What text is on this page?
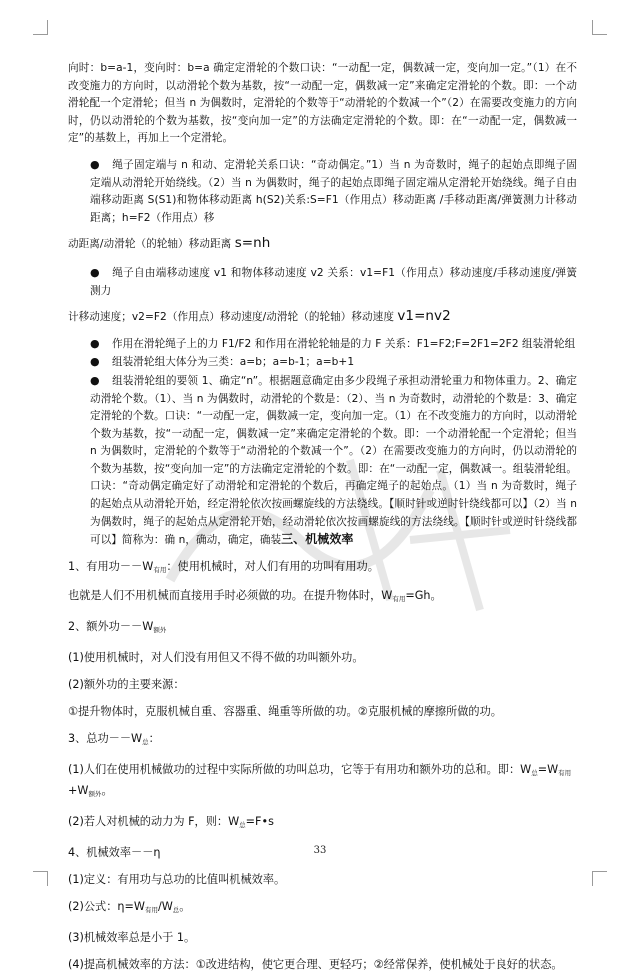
向时：b=a-1，变向时：b=a 确定定滑轮的个数口诀：“一动配一定，偶数减一定，变向加一定。”（1）在不改变施力的方向时，以动滑轮个数为基数，按“一动配一定，偶数减一定”来确定定滑轮的个数。即：一个动滑轮配一个定滑轮；但当 n 为偶数时，定滑轮的个数等于“动滑轮的个数减一个”（2）在需要改变施力的方向时，仍以动滑轮的个数为基数，按“变向加一定”的方法确定定滑轮的个数。即：在“一动配一定，偶数减一定”的基数上，再加上一个定滑轮。

● 绳子固定端与 n 和动、定滑轮关系口诀：“奇动偶定。”1）当 n 为奇数时，绳子的起始点即绳子固定端从动滑轮开始绕线。（2）当 n 为偶数时，绳子的起始点即绳子固定端从定滑轮开始绕线。绳子自由端移动距离 S(S1)和物体移动距离 h(S2)关系:S=F1（作用点）移动距离 /手移动距离/弹簧测力计移动距离；h=F2（作用点）移

动距离/动滑轮（的轮轴）移动距离 s=nh

● 绳子自由端移动速度 v1 和物体移动速度 v2 关系：v1=F1（作用点）移动速度/手移动速度/弹簧测力

计移动速度；v2=F2（作用点）移动速度/动滑轮（的轮轴）移动速度 v1=nv2

● 作用在滑轮绳子上的力 F1/F2 和作用在滑轮轮轴是的力 F 关系：F1=F2;F=2F1=2F2 组装滑轮组

● 组装滑轮组大体分为三类：a=b；a=b-1；a=b+1

● 组装滑轮组的要领 1、确定“n”。根据题意确定由多少段绳子承担动滑轮重力和物体重力。2、确定动滑轮个数。（1）、当 n 为偶数时，动滑轮的个数是：（2）、当 n 为奇数时，动滑轮的个数是：3、确定定滑轮的个数。口诀：“一动配一定，偶数减一定，变向加一定。（1）在不改变施力的方向时，以动滑轮个数为基数，按“一动配一定，偶数减一定”来确定定滑轮的个数。即：一个动滑轮配一个定滑轮；但当 n 为偶数时，定滑轮的个数等于“动滑轮的个数减一个”。（2）在需要改变施力的方向时，仍以动滑轮的个数为基数，按“变向加一定”的方法确定定滑轮的个数。即：在“一动配一定，偶数减一。组装滑轮组。口诀：“奇动偶定确定好了动滑轮和定滑轮的个数后，再确定绳子的起始点。（1）当 n 为奇数时，绳子的起始点从动滑轮开始，经定滑轮依次按画螺旋线的方法绕线。【顺时针或逆时针绕线都可以】（2）当 n 为偶数时，绳子的起始点从定滑轮开始，经动滑轮依次按画螺旋线的方法绕线。【顺时针或逆时针绕线都可以】简称为：确 n，确动，确定，确装三、机械效率

1、有用功$--W_{有用}$：使用机械时，对人们有用的功叫有用功。

也就是人们不用机械而直接用手时必须做的功。在提升物体时，$W_{有用}=Gh$。

2、额外功$--W_{额外}$

(1)使用机械时，对人们没有用但又不得不做的功叫额外功。

(2)额外功的主要来源：

①提升物体时，克服机械自重、容器重、绳重等所做的功。②克服机械的摩擦所做的功。

3、总功$--W_总$：

(1)人们在使用机械做功的过程中实际所做的功叫总功，它等于有用功和额外功的总和。即：$W_总=W_{有用}+W_{额外}$。

(2)若人对机械的动力为 F，则：$W_总=F•s$

4、机械效率－－η

(1)定义：有用功与总功的比值叫机械效率。

(2)公式：$\eta=W_{有用}/W_总$。

(3)机械效率总是小于 1。

(4)提高机械效率的方法：①改进结构，使它更合理、更轻巧；②经常保养，使机械处于良好的状态。

33
